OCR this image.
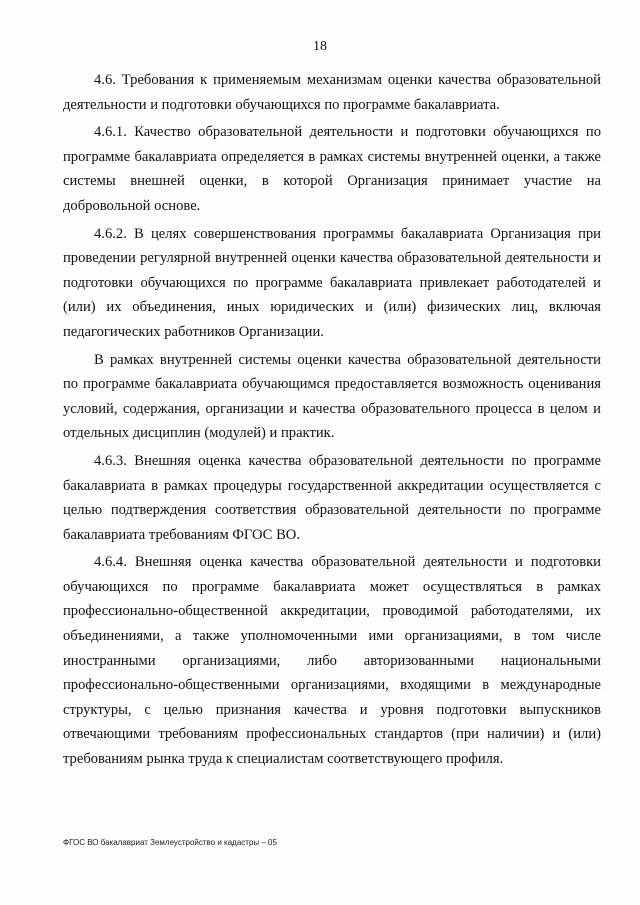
18

4.6. Требования к применяемым механизмам оценки качества образовательной деятельности и подготовки обучающихся по программе бакалавриата.

4.6.1. Качество образовательной деятельности и подготовки обучающихся по программе бакалавриата определяется в рамках системы внутренней оценки, а также системы внешней оценки, в которой Организация принимает участие на добровольной основе.

4.6.2. В целях совершенствования программы бакалавриата Организация при проведении регулярной внутренней оценки качества образовательной деятельности и подготовки обучающихся по программе бакалавриата привлекает работодателей и (или) их объединения, иных юридических и (или) физических лиц, включая педагогических работников Организации.

В рамках внутренней системы оценки качества образовательной деятельности по программе бакалавриата обучающимся предоставляется возможность оценивания условий, содержания, организации и качества образовательного процесса в целом и отдельных дисциплин (модулей) и практик.

4.6.3. Внешняя оценка качества образовательной деятельности по программе бакалавриата в рамках процедуры государственной аккредитации осуществляется с целью подтверждения соответствия образовательной деятельности по программе бакалавриата требованиям ФГОС ВО.

4.6.4. Внешняя оценка качества образовательной деятельности и подготовки обучающихся по программе бакалавриата может осуществляться в рамках профессионально-общественной аккредитации, проводимой работодателями, их объединениями, а также уполномоченными ими организациями, в том числе иностранными организациями, либо авторизованными национальными профессионально-общественными организациями, входящими в международные структуры, с целью признания качества и уровня подготовки выпускников отвечающими требованиям профессиональных стандартов (при наличии) и (или) требованиям рынка труда к специалистам соответствующего профиля.

ФГОС ВО бакалавриат Землеустройство и кадастры – 05
